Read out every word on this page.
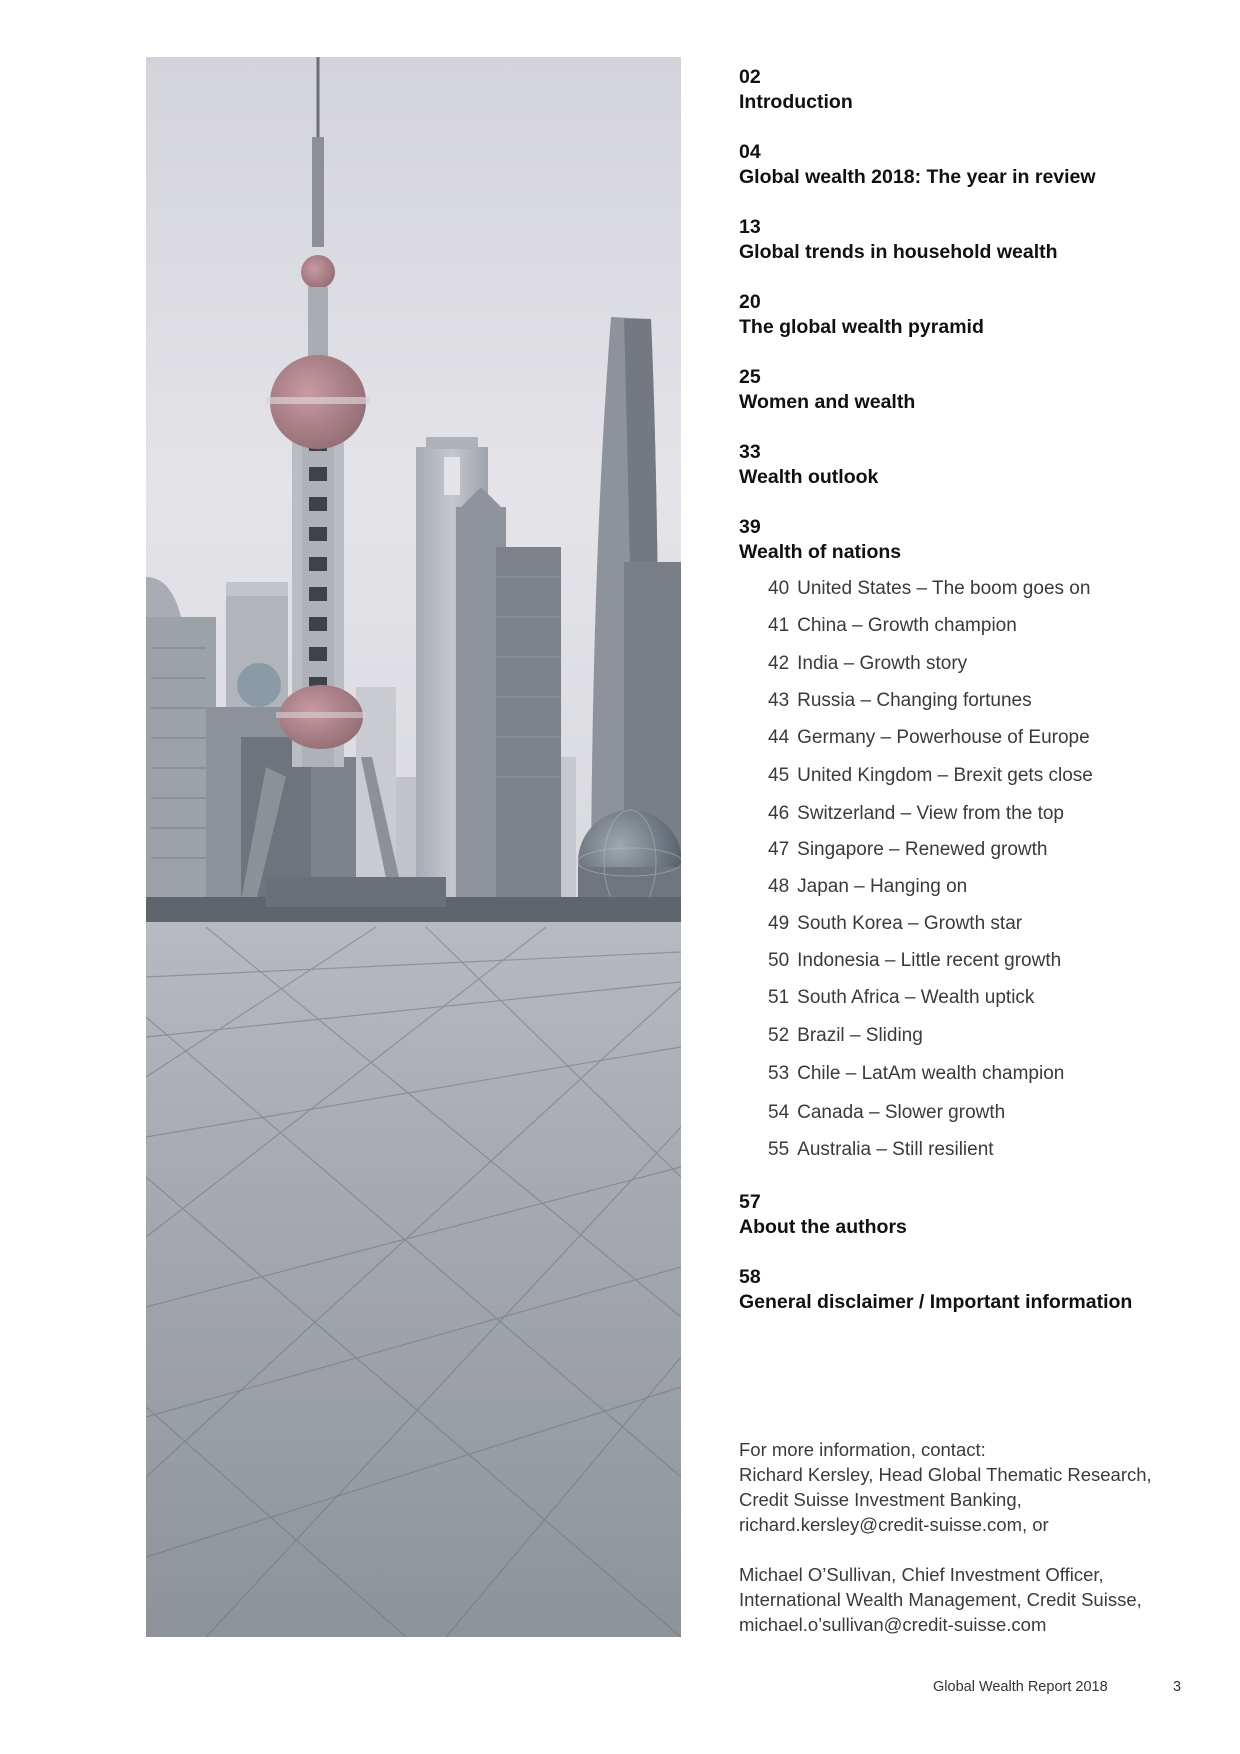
02
Introduction
04
Global wealth 2018: The year in review
13
Global trends in household wealth
20
The global wealth pyramid
25
Women and wealth
33
Wealth outlook
39
Wealth of nations
40 United States – The boom goes on
41 China – Growth champion
42 India – Growth story
43 Russia – Changing fortunes
44 Germany – Powerhouse of Europe
45 United Kingdom – Brexit gets close
46 Switzerland – View from the top
47 Singapore – Renewed growth
48 Japan – Hanging on
49 South Korea – Growth star
50 Indonesia – Little recent growth
51 South Africa – Wealth uptick
52 Brazil – Sliding
53 Chile – LatAm wealth champion
54 Canada – Slower growth
55 Australia – Still resilient
57
About the authors
58
General disclaimer / Important information
For more information, contact:
Richard Kersley, Head Global Thematic Research,
Credit Suisse Investment Banking,
richard.kersley@credit-suisse.com, or
Michael O’Sullivan, Chief Investment Officer,
International Wealth Management, Credit Suisse,
michael.o’sullivan@credit-suisse.com
Global Wealth Report 2018	3
